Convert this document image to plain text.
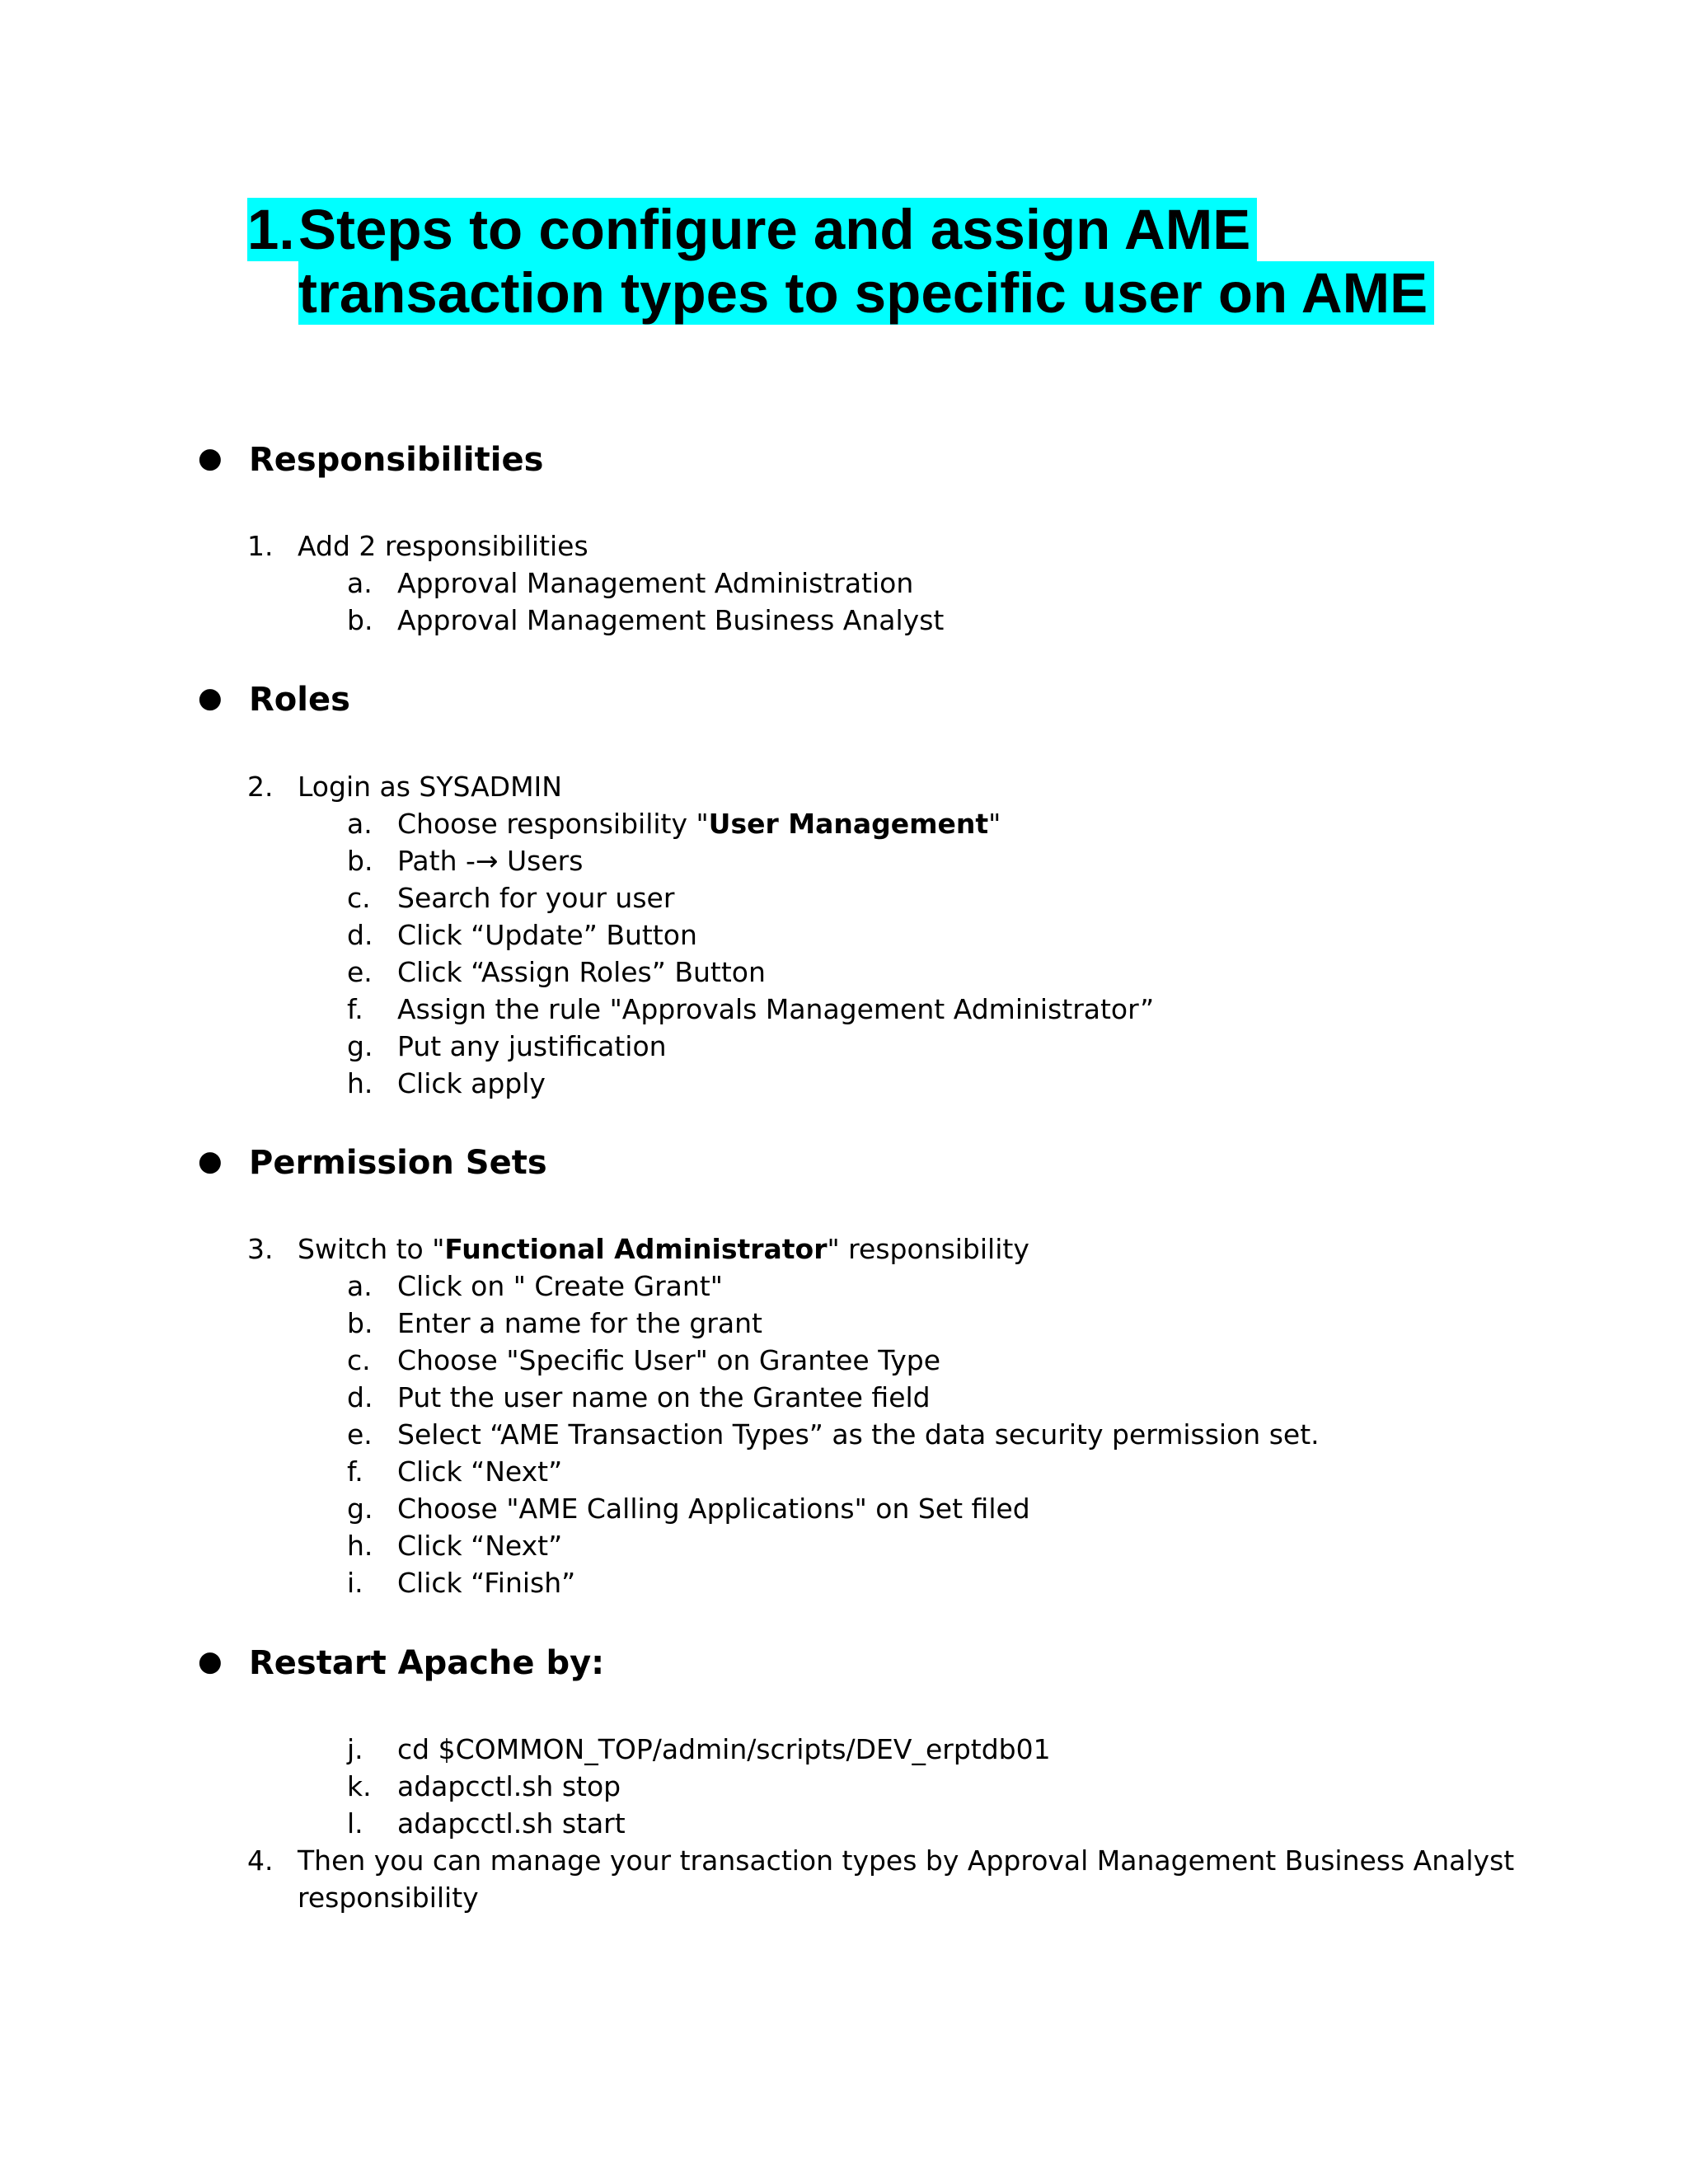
1.Steps to configure and assign AME
transaction types to specific user on AME
● Responsibilities
1. Add 2 responsibilities
a. Approval Management Administration
b. Approval Management Business Analyst
● Roles
2. Login as SYSADMIN
a. Choose responsibility "User Management"
b. Path -→ Users
c. Search for your user
d. Click “Update” Button
e. Click “Assign Roles” Button
f. Assign the rule "Approvals Management Administrator”
g. Put any justification
h. Click apply
● Permission Sets
3. Switch to "Functional Administrator" responsibility
a. Click on " Create Grant"
b. Enter a name for the grant
c. Choose "Specific User" on Grantee Type
d. Put the user name on the Grantee field
e. Select “AME Transaction Types” as the data security permission set.
f. Click “Next”
g. Choose "AME Calling Applications" on Set filed
h. Click “Next”
i. Click “Finish”
● Restart Apache by:
j. cd $COMMON_TOP/admin/scripts/DEV_erptdb01
k. adapcctl.sh stop
l. adapcctl.sh start
4. Then you can manage your transaction types by Approval Management Business Analyst
responsibility
